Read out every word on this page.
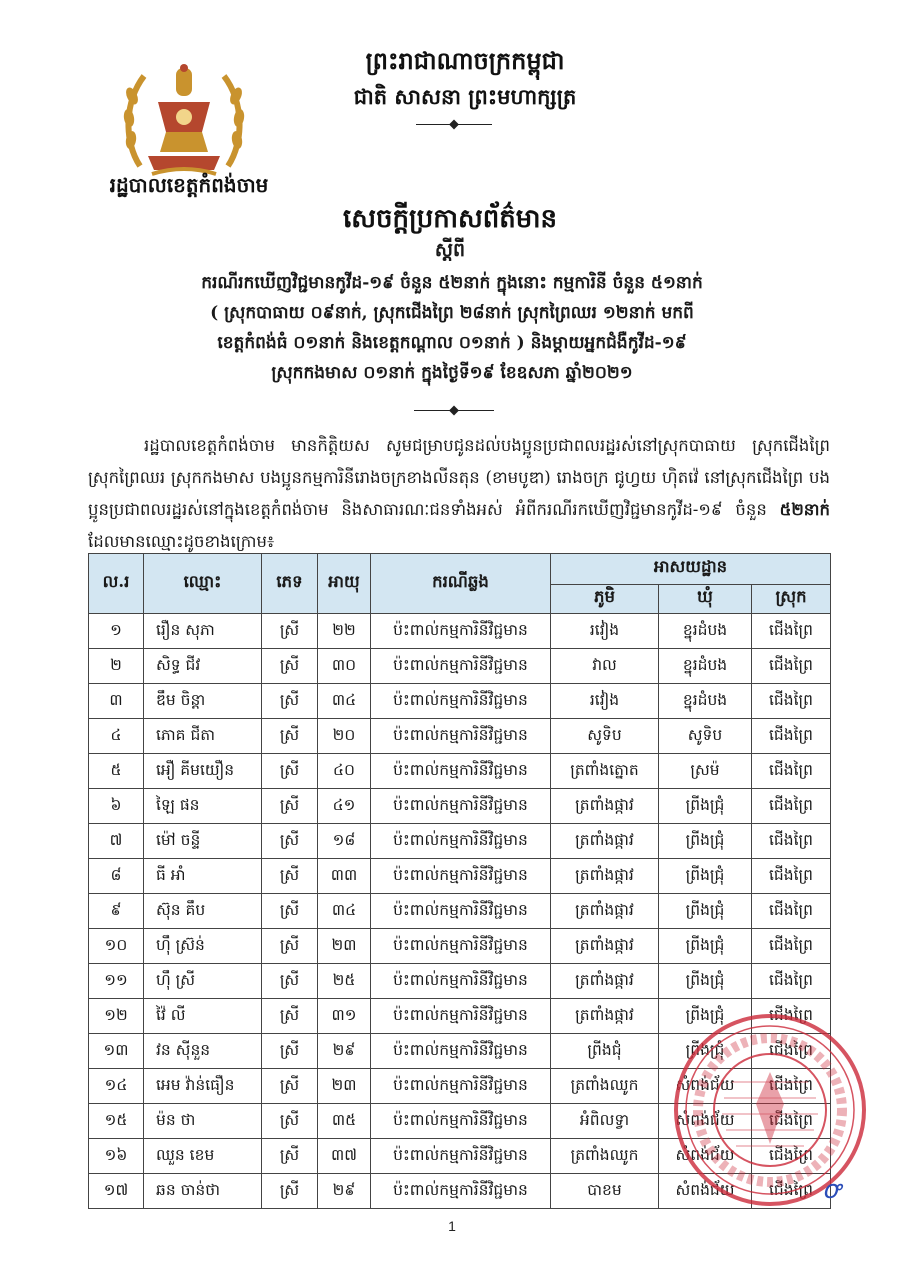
រដ្ឋបាលខេត្តកំពង់ចាម
ព្រះរាជាណាចក្រកម្ពុជា
ជាតិ សាសនា ព្រះមហាក្សត្រ
សេចក្តីប្រកាសព័ត៌មាន
ស្តីពី
ករណីរកឃើញវិជ្ជមានកូវីដ-១៩ ចំនួន ៥២នាក់ ក្នុងនោះ កម្មការិនី ចំនួន ៥១នាក់
( ស្រុកបាធាយ ០៩នាក់, ស្រុកជើងព្រៃ ២៨នាក់ ស្រុកព្រៃឈរ ១២នាក់ មកពី
ខេត្តកំពង់ធំ ០១នាក់ និងខេត្តកណ្តាល ០១នាក់ ) និងម្តាយអ្នកជំងឺកូវីដ-១៩
ស្រុកកងមាស ០១នាក់ ក្នុងថ្ងៃទី១៩ ខែឧសភា ឆ្នាំ២០២១
រដ្ឋបាលខេត្តកំពង់ចាម មានកិត្តិយស សូមជម្រាបជូនដល់បងប្អូនប្រជាពលរដ្ឋរស់នៅស្រុកបាធាយ ស្រុកជើងព្រៃ ស្រុកព្រៃឈរ ស្រុកកងមាស បងប្អូនកម្មការិនីរោងចក្រខាងលីនតុន (ខាមបូឌា) រោងចក្រ ជូហ្វយ ហ៊ិតវ៉េ នៅស្រុកជើងព្រៃ បងប្អូនប្រជាពលរដ្ឋរស់នៅក្នុងខេត្តកំពង់ចាម និងសាធារណៈជនទាំងអស់ អំពីករណីរកឃើញវិជ្ជមានកូវីដ-១៩ ចំនួន ៥២នាក់ ដែលមានឈ្មោះដូចខាងក្រោម៖
ល.រ	ឈ្មោះ	ភេទ	អាយុ	ករណីឆ្លង	អាសយដ្ឋាន		
					ភូមិ	ឃុំ	ស្រុក
១	រឿន សុភា	ស្រី	២២	ប៉ះពាល់កម្មការិនីវិជ្ជមាន	រវៀង	ខ្នុរដំបង	ជើងព្រៃ
២	សិទ្ធ ជីវ	ស្រី	៣០	ប៉ះពាល់កម្មការិនីវិជ្ជមាន	វាល	ខ្នុរដំបង	ជើងព្រៃ
៣	ឌឹម ចិន្តា	ស្រី	៣៤	ប៉ះពាល់កម្មការិនីវិជ្ជមាន	រវៀង	ខ្នុរដំបង	ជើងព្រៃ
៤	ភោគ ជីតា	ស្រី	២០	ប៉ះពាល់កម្មការិនីវិជ្ជមាន	សូទិប	សូទិប	ជើងព្រៃ
៥	អឿ គីមយឿន	ស្រី	៤០	ប៉ះពាល់កម្មការិនីវិជ្ជមាន	ត្រពាំងត្នោត	ស្រម៉	ជើងព្រៃ
៦	ឡៃ ផន	ស្រី	៤១	ប៉ះពាល់កម្មការិនីវិជ្ជមាន	ត្រពាំងផ្កាវ	ព្រីងជ្រុំ	ជើងព្រៃ
៧	ម៉ៅ ចន្ទី	ស្រី	១៨	ប៉ះពាល់កម្មការិនីវិជ្ជមាន	ត្រពាំងផ្កាវ	ព្រីងជ្រុំ	ជើងព្រៃ
៨	ធី អាំ	ស្រី	៣៣	ប៉ះពាល់កម្មការិនីវិជ្ជមាន	ត្រពាំងផ្កាវ	ព្រីងជ្រុំ	ជើងព្រៃ
៩	ស៊ុន គឹប	ស្រី	៣៤	ប៉ះពាល់កម្មការិនីវិជ្ជមាន	ត្រពាំងផ្កាវ	ព្រីងជ្រុំ	ជើងព្រៃ
១០	ហ៊ឹ ស្រ៊ន់	ស្រី	២៣	ប៉ះពាល់កម្មការិនីវិជ្ជមាន	ត្រពាំងផ្កាវ	ព្រីងជ្រុំ	ជើងព្រៃ
១១	ហ៊ឹ ស្រី	ស្រី	២៥	ប៉ះពាល់កម្មការិនីវិជ្ជមាន	ត្រពាំងផ្កាវ	ព្រីងជ្រុំ	ជើងព្រៃ
១២	វ៉ៃ លី	ស្រី	៣១	ប៉ះពាល់កម្មការិនីវិជ្ជមាន	ត្រពាំងផ្កាវ	ព្រីងជ្រុំ	ជើងព្រៃ
១៣	វន ស៊ីនួន	ស្រី	២៩	ប៉ះពាល់កម្មការិនីវិជ្ជមាន	ព្រីងជុំ	ព្រីងជ្រុំ	ជើងព្រៃ
១៤	អេម វ៉ាន់ធឿន	ស្រី	២៣	ប៉ះពាល់កម្មការិនីវិជ្ជមាន	ត្រពាំងឈូក	សំពង់ជ័យ	ជើងព្រៃ
១៥	ម៉ន ថា	ស្រី	៣៥	ប៉ះពាល់កម្មការិនីវិជ្ជមាន	អំពិលទ្វា	សំពង់ជ័យ	ជើងព្រៃ
១៦	ឈួន ខេម	ស្រី	៣៧	ប៉ះពាល់កម្មការិនីវិជ្ជមាន	ត្រពាំងឈូក	សំពង់ជ័យ	ជើងព្រៃ
១៧	ឆន ចាន់ថា	ស្រី	២៩	ប៉ះពាល់កម្មការិនីវិជ្ជមាន	បាខម	សំពង់ជ័យ	ជើងព្រៃ ꝍ
1
